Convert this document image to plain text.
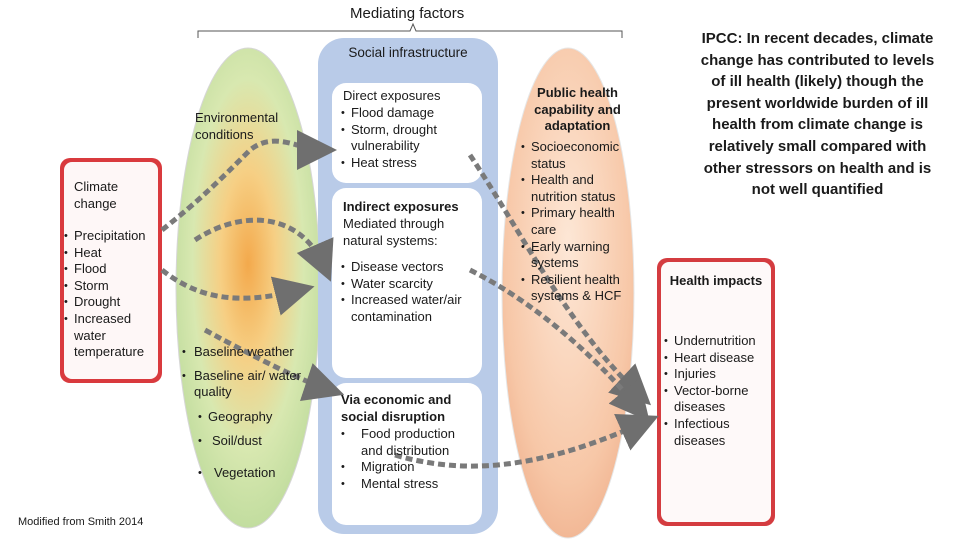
Mediating factors
Social infrastructure
Environmental conditions
Climate change
• Precipitation
• Heat
• Flood
• Storm
• Drought
• Increased water temperature
•	Baseline weather
• Baseline air/ water quality
• Geography
• Soil/dust
• Vegetation
Direct exposures
• Flood damage
• Storm, drought vulnerability
• Heat stress
Indirect exposures
Mediated through natural systems:
• Disease vectors
• Water scarcity
• Increased water/air contamination
Via economic and social disruption
• Food production and distribution
• Migration
• Mental stress
Public health capability and adaptation
• Socioeconomic status
• Health and nutrition status
• Primary health care
• Early warning systems
• Resilient health systems & HCF
IPCC: In recent decades, climate change has contributed to levels of ill health (likely) though the present worldwide burden of ill health from climate change is relatively small compared with other stressors on health and is not well quantified
Health impacts
• Undernutrition
• Heart disease
• Injuries
• Vector-borne diseases
• Infectious diseases
Modified from Smith 2014
